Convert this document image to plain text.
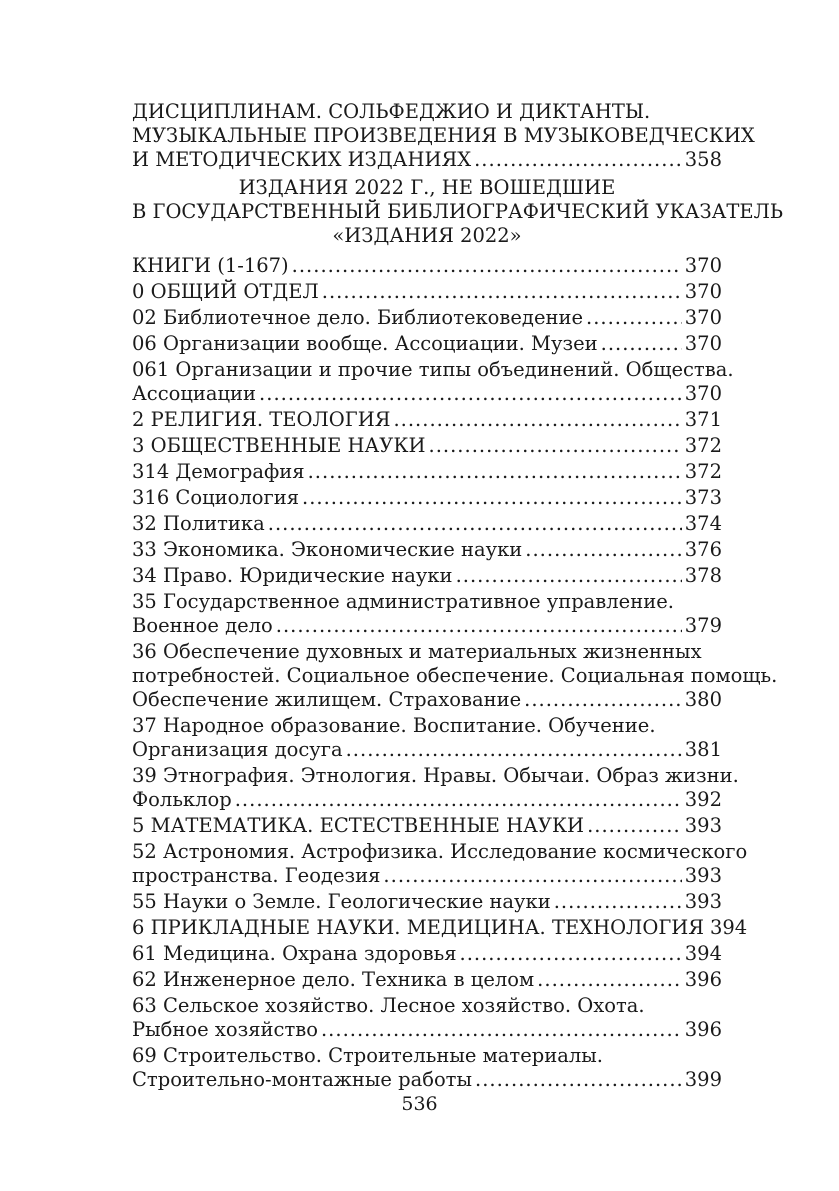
ДИСЦИПЛИНАМ. СОЛЬФЕДЖИО И ДИКТАНТЫ.
МУЗЫКАЛЬНЫЕ ПРОИЗВЕДЕНИЯ В МУЗЫКОВЕДЧЕСКИХ
И МЕТОДИЧЕСКИХ ИЗДАНИЯХ .....	358
ИЗДАНИЯ 2022 Г., НЕ ВОШЕДШИЕ
В ГОСУДАРСТВЕННЫЙ БИБЛИОГРАФИЧЕСКИЙ УКАЗАТЕЛЬ
«ИЗДАНИЯ 2022»
КНИГИ (1-167) .....	370
0 ОБЩИЙ ОТДЕЛ .....	370
02 Библиотечное дело. Библиотековедение .....	370
06 Организации вообще. Ассоциации. Музеи .....	370
061 Организации и прочие типы объединений. Общества.
Ассоциации .....	370
2 РЕЛИГИЯ. ТЕОЛОГИЯ .....	371
3 ОБЩЕСТВЕННЫЕ НАУКИ .....	372
314 Демография .....	372
316 Социология .....	373
32 Политика .....	374
33 Экономика. Экономические науки .....	376
34 Право. Юридические науки .....	378
35 Государственное административное управление.
Военное дело .....	379
36 Обеспечение духовных и материальных жизненных
потребностей. Социальное обеспечение. Социальная помощь.
Обеспечение жилищем. Страхование .....	380
37 Народное образование. Воспитание. Обучение.
Организация досуга .....	381
39 Этнография. Этнология. Нравы. Обычаи. Образ жизни.
Фольклор .....	392
5 МАТЕМАТИКА. ЕСТЕСТВЕННЫЕ НАУКИ .....	393
52 Астрономия. Астрофизика. Исследование космического
пространства. Геодезия .....	393
55 Науки о Земле. Геологические науки .....	393
6 ПРИКЛАДНЫЕ НАУКИ. МЕДИЦИНА. ТЕХНОЛОГИЯ 394
61 Медицина. Охрана здоровья .....	394
62 Инженерное дело. Техника в целом .....	396
63 Сельское хозяйство. Лесное хозяйство. Охота.
Рыбное хозяйство .....	396
69 Строительство. Строительные материалы.
Строительно-монтажные работы .....	399
536
